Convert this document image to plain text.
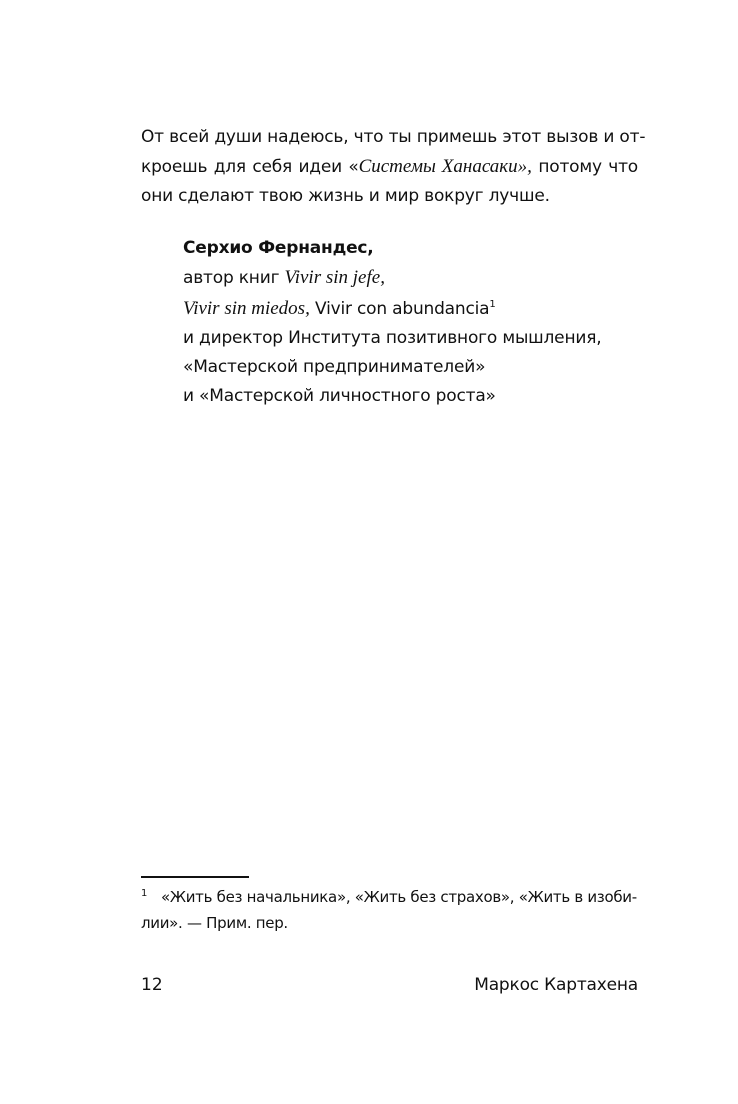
От всей души надеюсь, что ты примешь этот вызов и от-
кроешь для себя идеи «Системы Ханасаки», потому что
они сделают твою жизнь и мир вокруг лучше.
Серхио Фернандес,
автор книг Vivir sin jefe,
Vivir sin miedos, Vivir con abundancia$^1$
и директор Института позитивного мышления,
«Мастерской предпринимателей»
и «Мастерской личностного роста»
1 «Жить без начальника», «Жить без страхов», «Жить в изоби-
лии». — Прим. пер.
12	Маркос Картахена
